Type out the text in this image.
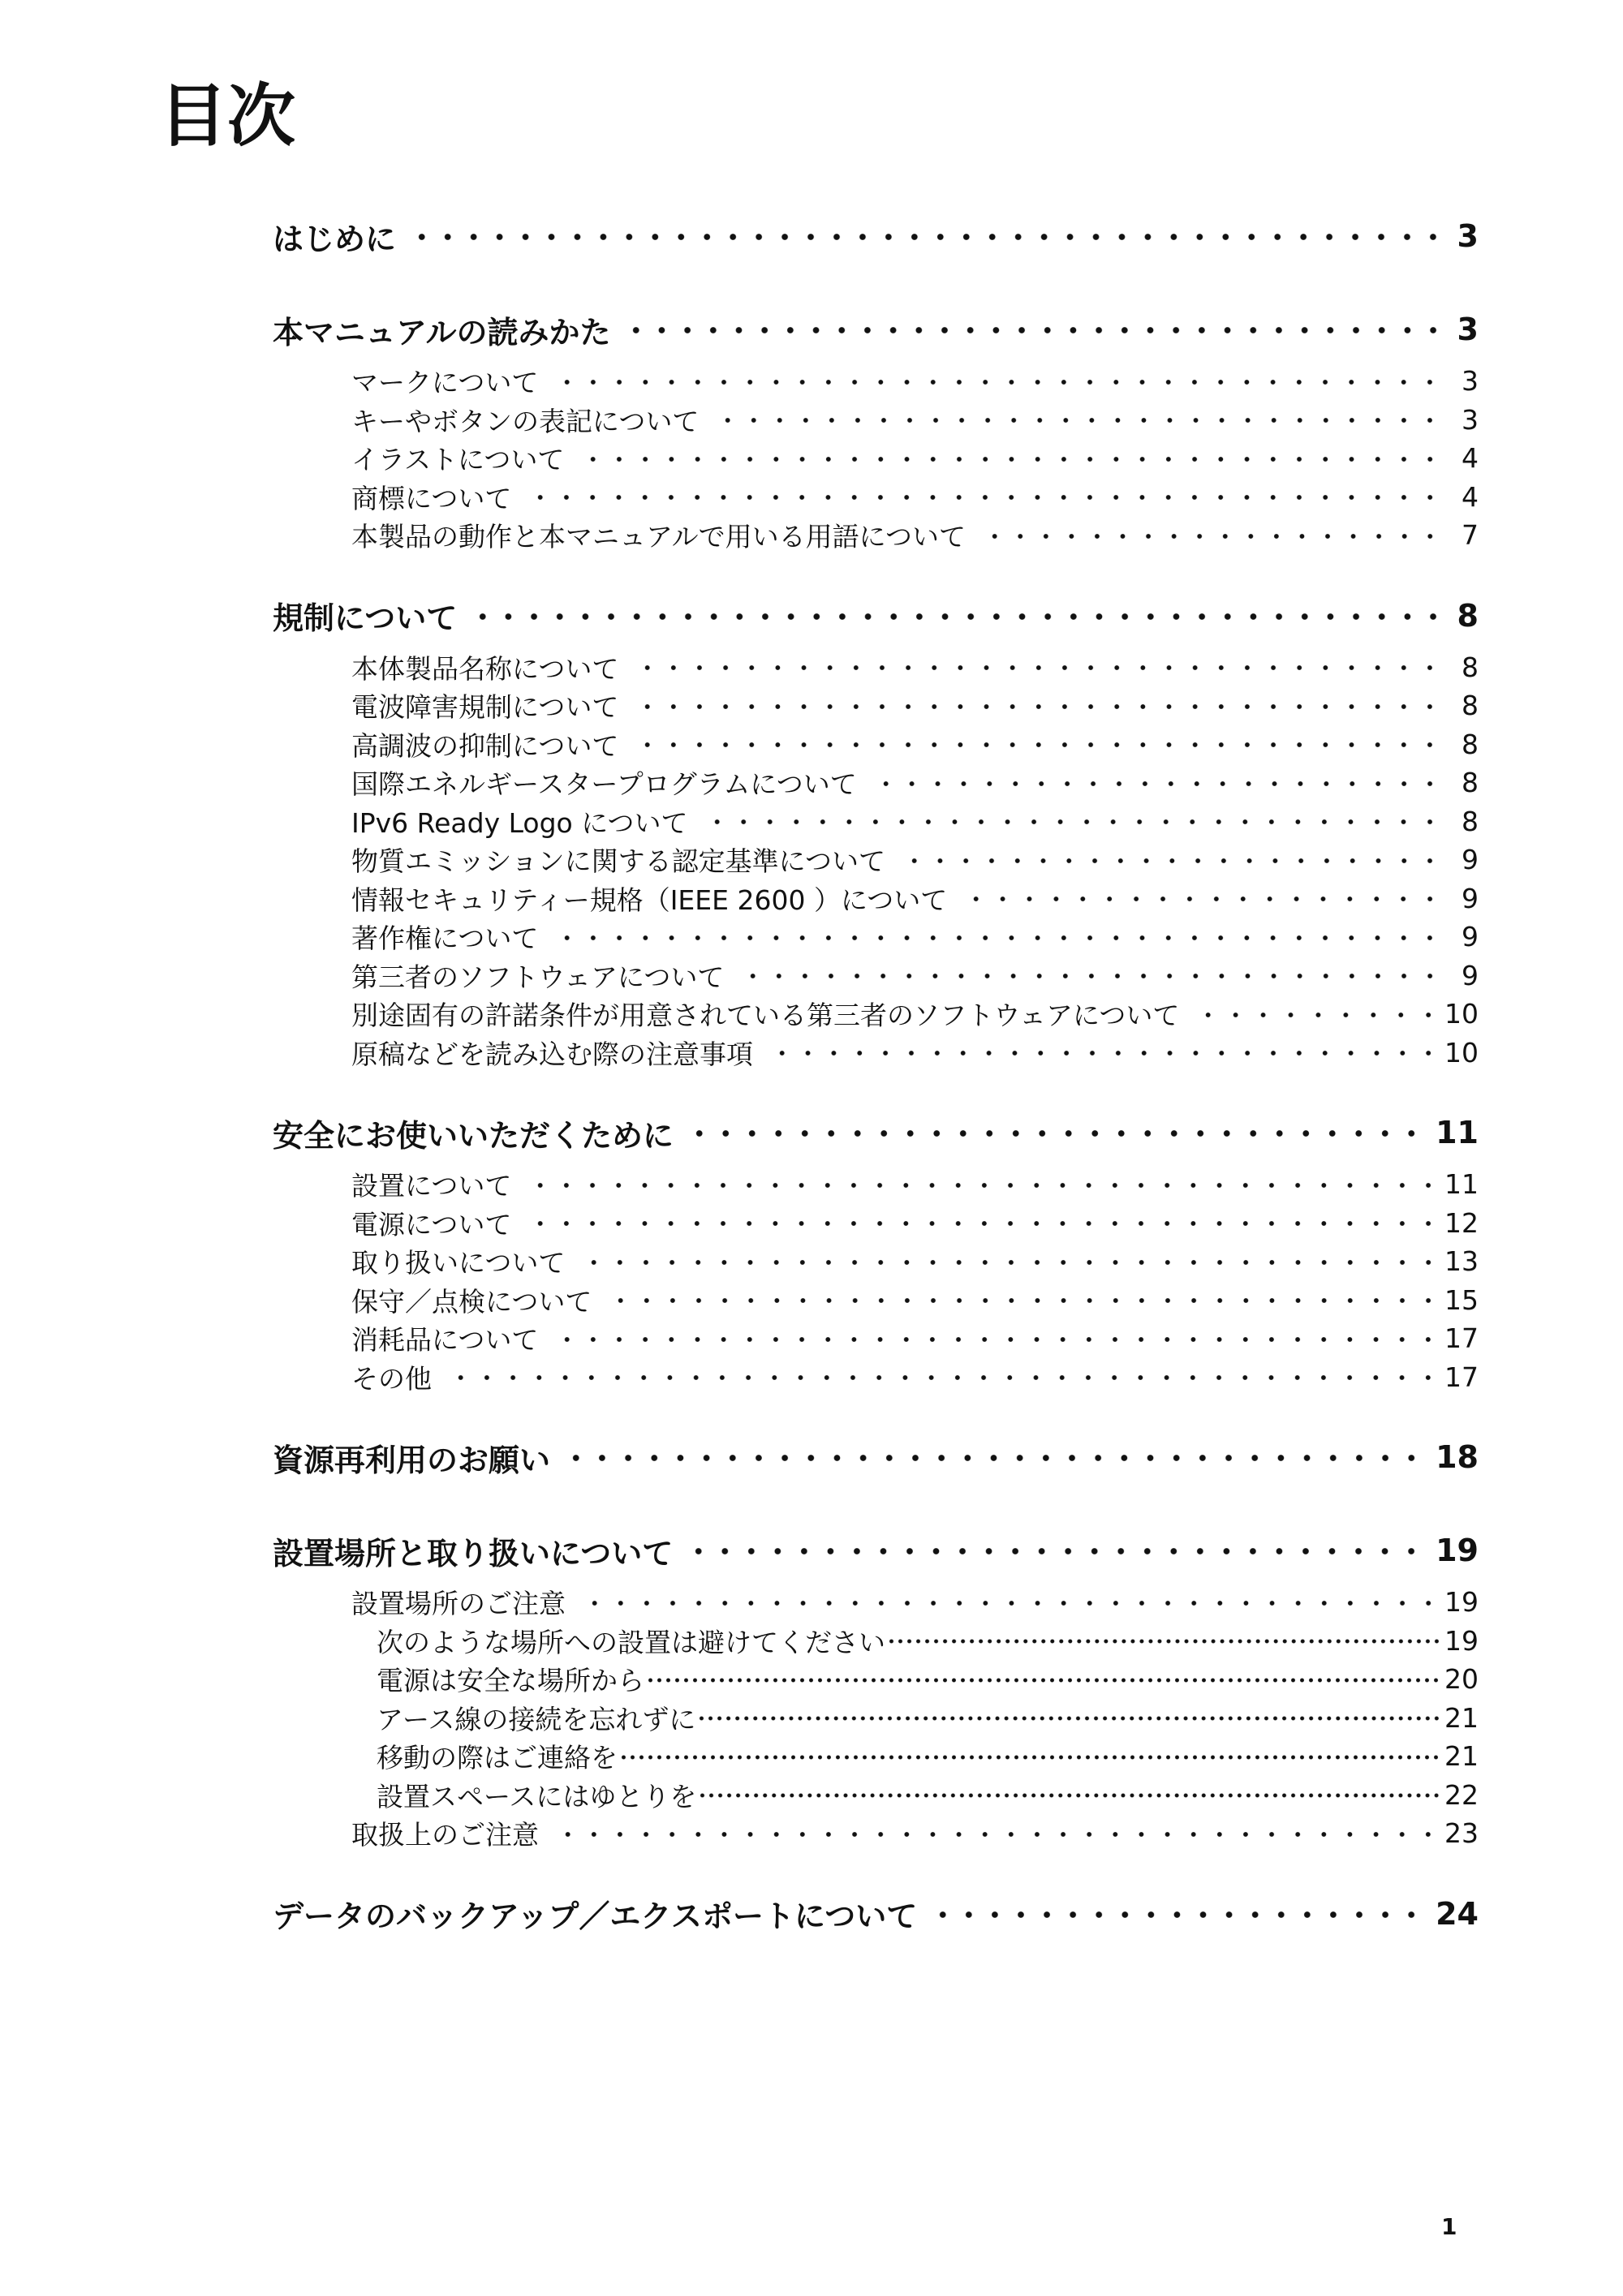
目次
はじめに	3
本マニュアルの読みかた	3
マークについて	3
キーやボタンの表記について	3
イラストについて	4
商標について	4
本製品の動作と本マニュアルで用いる用語について	7
規制について	8
本体製品名称について	8
電波障害規制について	8
高調波の抑制について	8
国際エネルギースタープログラムについて	8
IPv6 Ready Logo について	8
物質エミッションに関する認定基準について	9
情報セキュリティー規格（IEEE 2600 ）について	9
著作権について	9
第三者のソフトウェアについて	9
別途固有の許諾条件が用意されている第三者のソフトウェアについて	10
原稿などを読み込む際の注意事項	10
安全にお使いいただくために	11
設置について	11
電源について	12
取り扱いについて	13
保守／点検について	15
消耗品について	17
その他	17
資源再利用のお願い	18
設置場所と取り扱いについて	19
設置場所のご注意	19
次のような場所への設置は避けてください	19
電源は安全な場所から	20
アース線の接続を忘れずに	21
移動の際はご連絡を	21
設置スペースにはゆとりを	22
取扱上のご注意	23
データのバックアップ／エクスポートについて	24
1
